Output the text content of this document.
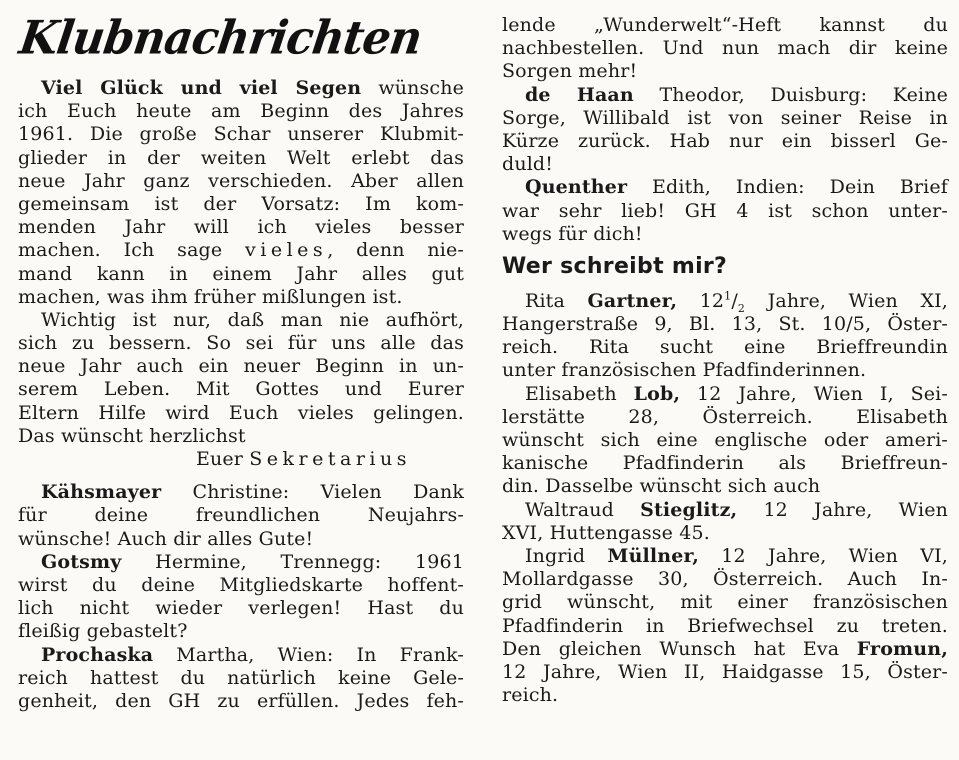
Klubnachrichten
Viel Glück und viel Segen wünsche
ich Euch heute am Beginn des Jahres
1961. Die große Schar unserer Klubmit-
glieder in der weiten Welt erlebt das
neue Jahr ganz verschieden. Aber allen
gemeinsam ist der Vorsatz: Im kom-
menden Jahr will ich vieles besser
machen. Ich sage vieles, denn nie-
mand kann in einem Jahr alles gut
machen, was ihm früher mißlungen ist.
Wichtig ist nur, daß man nie aufhört,
sich zu bessern. So sei für uns alle das
neue Jahr auch ein neuer Beginn in un-
serem Leben. Mit Gottes und Eurer
Eltern Hilfe wird Euch vieles gelingen.
Das wünscht herzlichst
Euer Sekretarius
Kähsmayer Christine: Vielen Dank
für deine freundlichen Neujahrs-
wünsche! Auch dir alles Gute!
Gotsmy Hermine, Trennegg: 1961
wirst du deine Mitgliedskarte hoffent-
lich nicht wieder verlegen! Hast du
fleißig gebastelt?
Prochaska Martha, Wien: In Frank-
reich hattest du natürlich keine Gele-
genheit, den GH zu erfüllen. Jedes feh-
lende „Wunderwelt“-Heft kannst du
nachbestellen. Und nun mach dir keine
Sorgen mehr!
de Haan Theodor, Duisburg: Keine
Sorge, Willibald ist von seiner Reise in
Kürze zurück. Hab nur ein bisserl Ge-
duld!
Quenther Edith, Indien: Dein Brief
war sehr lieb! GH 4 ist schon unter-
wegs für dich!
Wer schreibt mir?
Rita Gartner, $12^1/_2$ Jahre, Wien XI,
Hangerstraße 9, Bl. 13, St. 10/5, Öster-
reich. Rita sucht eine Brieffreundin
unter französischen Pfadfinderinnen.
Elisabeth Lob, 12 Jahre, Wien I, Sei-
lerstätte 28, Österreich. Elisabeth
wünscht sich eine englische oder ameri-
kanische Pfadfinderin als Brieffreun-
din. Dasselbe wünscht sich auch
Waltraud Stieglitz, 12 Jahre, Wien
XVI, Huttengasse 45.
Ingrid Müllner, 12 Jahre, Wien VI,
Mollardgasse 30, Österreich. Auch In-
grid wünscht, mit einer französischen
Pfadfinderin in Briefwechsel zu treten.
Den gleichen Wunsch hat Eva Fromun,
12 Jahre, Wien II, Haidgasse 15, Öster-
reich.
